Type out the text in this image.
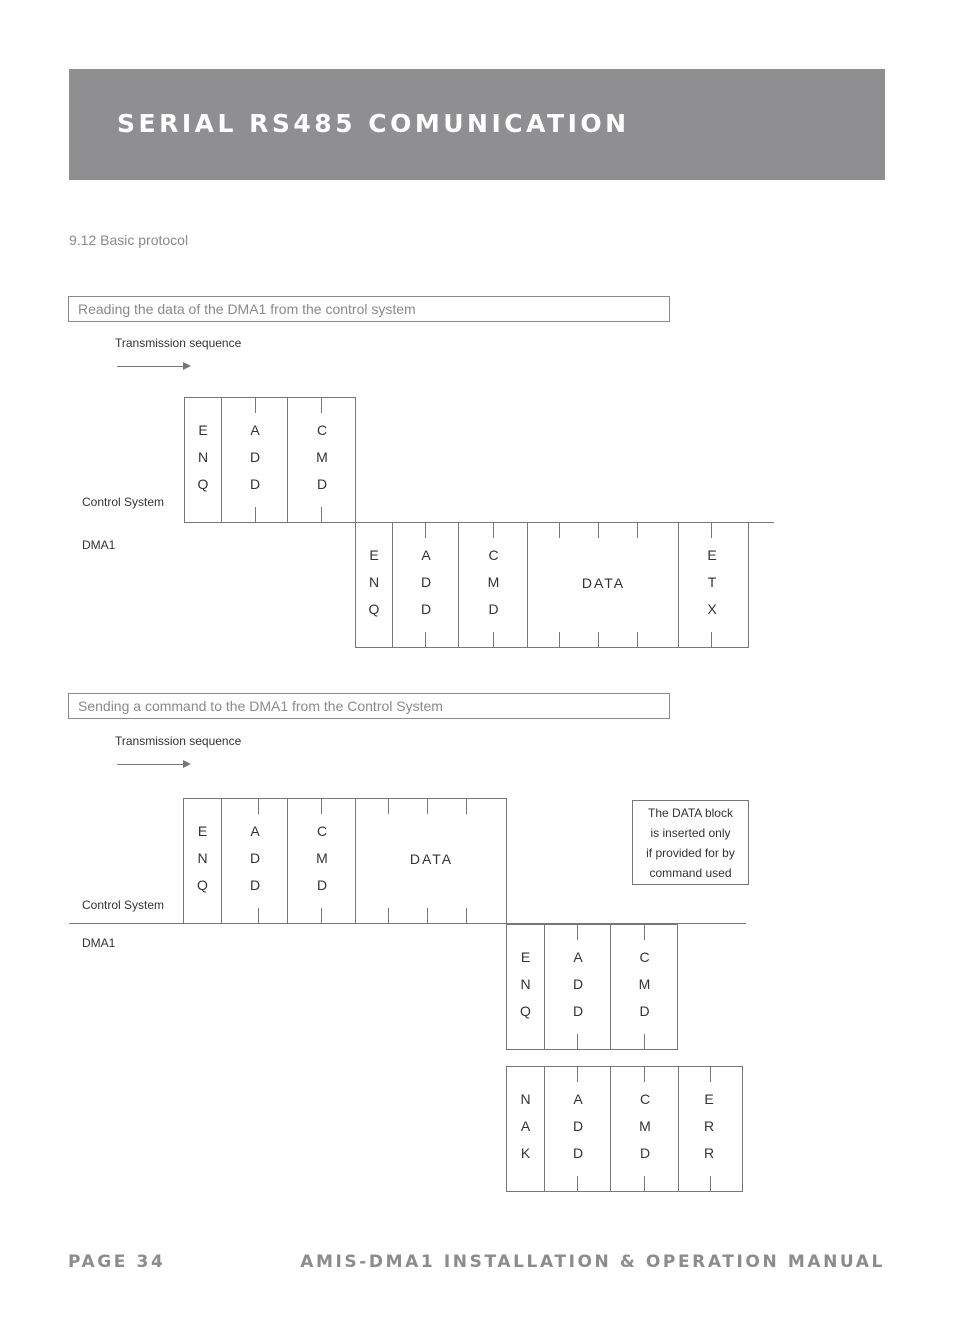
SERIAL RS485 COMUNICATION
9.12 Basic protocol
Reading the data of the DMA1 from the control system
Transmission sequence
Control System
DMA1
E
N
Q
A
D
D
C
M
D
E
N
Q
A
D
D
C
M
D
DATA
E
T
X
Sending a command to the DMA1 from the Control System
Transmission sequence
Control System
DMA1
E
N
Q
A
D
D
C
M
D
DATA
The DATA block
is inserted only
if provided for by
command used
E
N
Q
A
D
D
C
M
D
N
A
K
A
D
D
C
M
D
E
R
R
PAGE 34	AMIS-DMA1 INSTALLATION & OPERATION MANUAL
